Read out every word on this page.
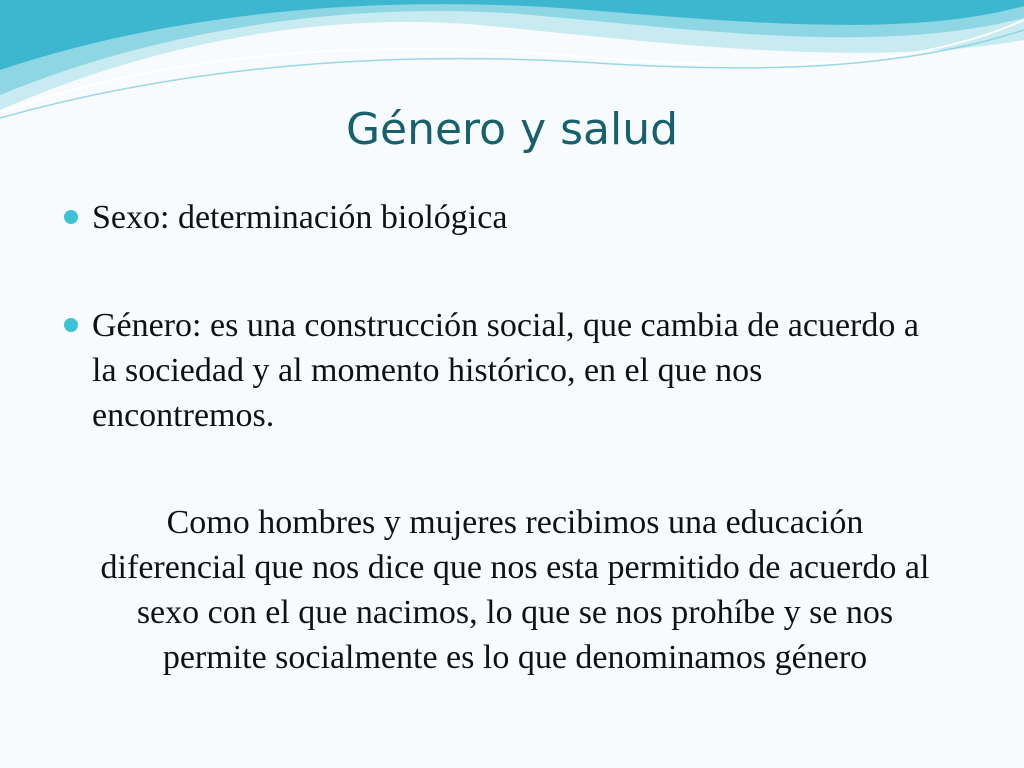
Género y salud
Sexo: determinación biológica
Género: es una construcción social, que cambia de acuerdo a la sociedad y al momento histórico, en el que nos encontremos.
Como hombres y mujeres recibimos una educación diferencial que nos dice que nos esta permitido de acuerdo al sexo con el que nacimos, lo que se nos prohíbe y se nos permite socialmente es lo que denominamos género
